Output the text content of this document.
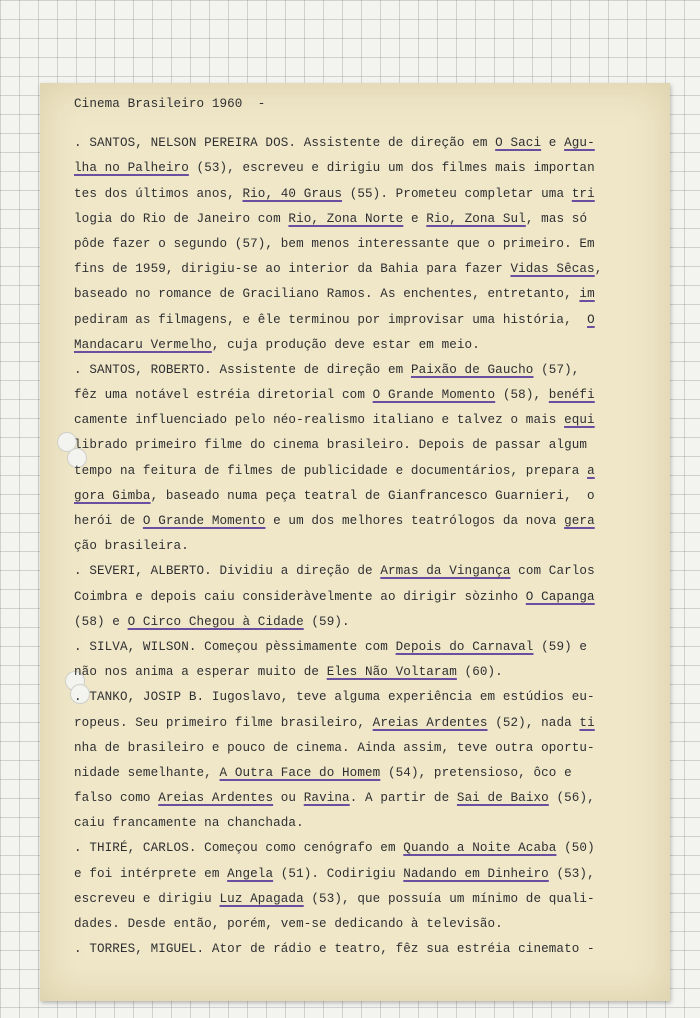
Cinema Brasileiro 1960  -
. SANTOS, NELSON PEREIRA DOS. Assistente de direção em O Saci e Agu-
lha no Palheiro (53), escreveu e dirigiu um dos filmes mais importan
tes dos últimos anos, Rio, 40 Graus (55). Prometeu completar uma tri
logia do Rio de Janeiro com Rio, Zona Norte e Rio, Zona Sul, mas só
pôde fazer o segundo (57), bem menos interessante que o primeiro. Em
fins de 1959, dirigiu-se ao interior da Bahia para fazer Vidas Sêcas,
baseado no romance de Graciliano Ramos. As enchentes, entretanto, im
pediram as filmagens, e êle terminou por improvisar uma história,  O
Mandacaru Vermelho, cuja produção deve estar em meio.
. SANTOS, ROBERTO. Assistente de direção em Paixão de Gaucho (57),
fêz uma notável estréia diretorial com O Grande Momento (58), benéfi
camente influenciado pelo néo-realismo italiano e talvez o mais equi
librado primeiro filme do cinema brasileiro. Depois de passar algum
tempo na feitura de filmes de publicidade e documentários, prepara a
gora Gimba, baseado numa peça teatral de Gianfrancesco Guarnieri,  o
herói de O Grande Momento e um dos melhores teatrólogos da nova gera
ção brasileira.
. SEVERI, ALBERTO. Dividiu a direção de Armas da Vingança com Carlos
Coimbra e depois caiu consideràvelmente ao dirigir sòzinho O Capanga
(58) e O Circo Chegou à Cidade (59).
. SILVA, WILSON. Começou pèssimamente com Depois do Carnaval (59) e
não nos anima a esperar muito de Eles Não Voltaram (60).
. TANKO, JOSIP B. Iugoslavo, teve alguma experiência em estúdios eu-
ropeus. Seu primeiro filme brasileiro, Areias Ardentes (52), nada ti
nha de brasileiro e pouco de cinema. Ainda assim, teve outra oportu-
nidade semelhante, A Outra Face do Homem (54), pretensioso, ôco e
falso como Areias Ardentes ou Ravina. A partir de Sai de Baixo (56),
caiu francamente na chanchada.
. THIRÉ, CARLOS. Começou como cenógrafo em Quando a Noite Acaba (50)
e foi intérprete em Angela (51). Codirigiu Nadando em Dinheiro (53),
escreveu e dirigiu Luz Apagada (53), que possuía um mínimo de quali-
dades. Desde então, porém, vem-se dedicando à televisão.
. TORRES, MIGUEL. Ator de rádio e teatro, fêz sua estréia cinemato -
